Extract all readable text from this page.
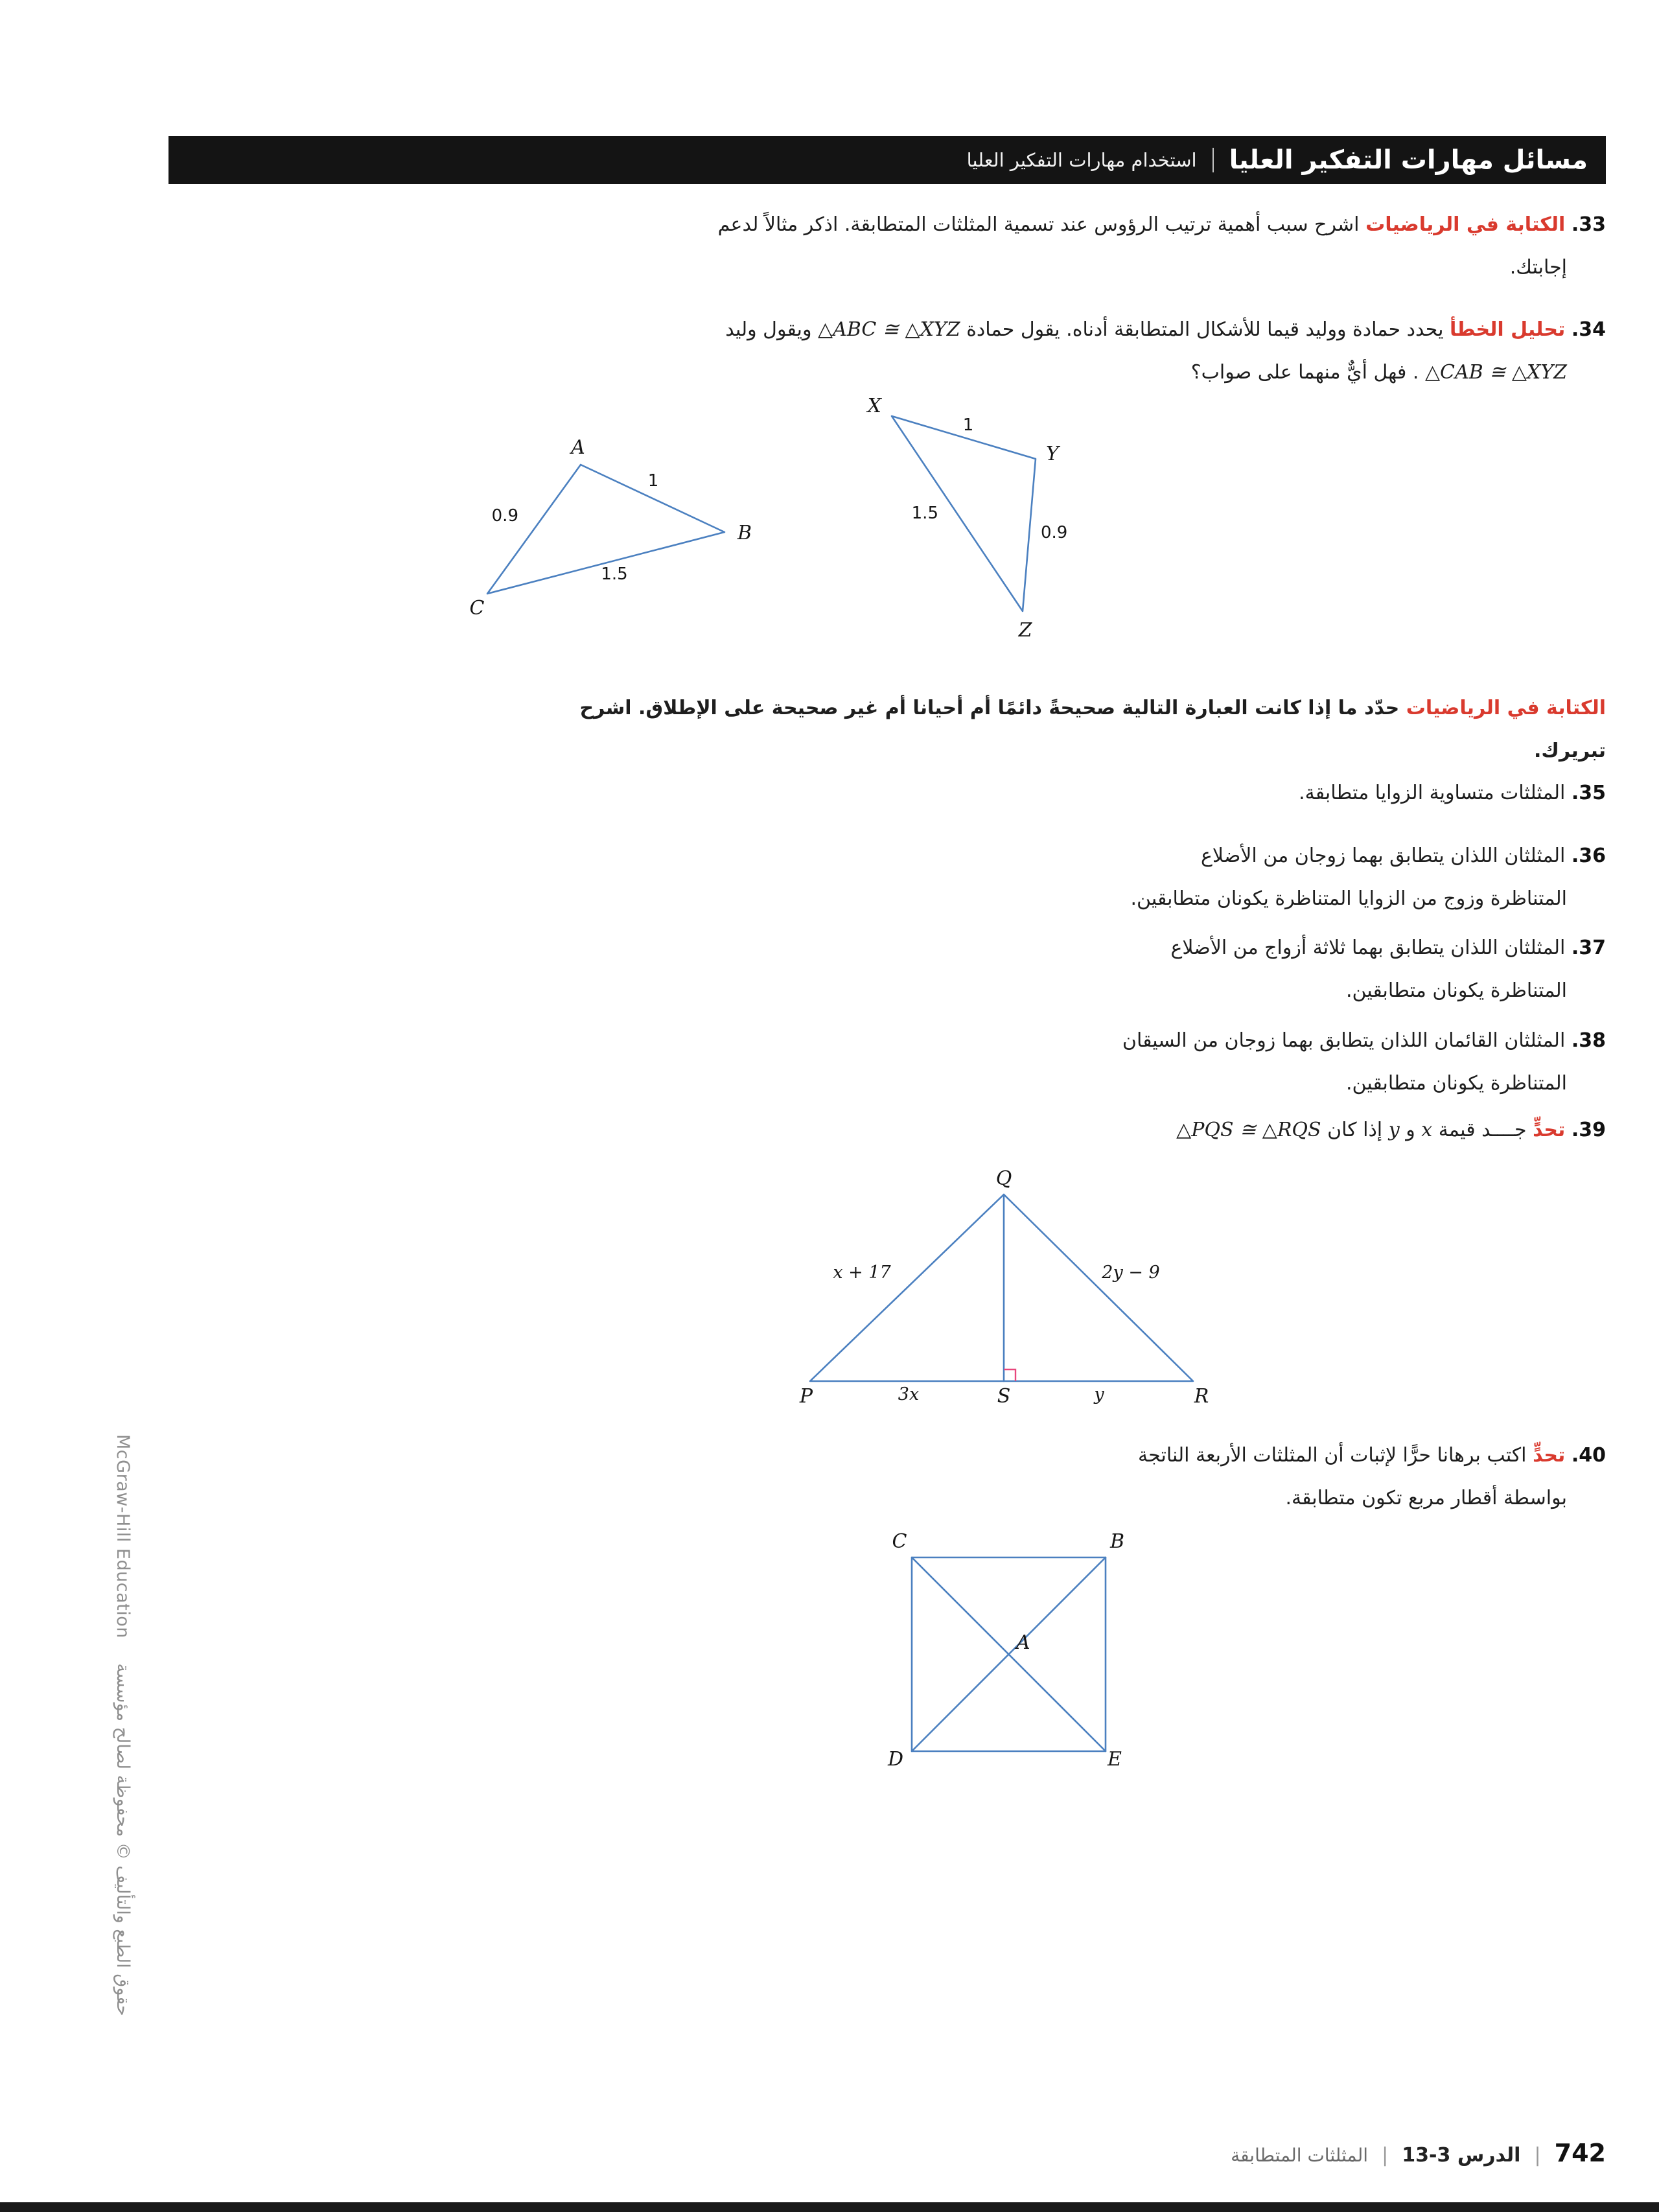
مسائل مهارات التفكير العليا
استخدام مهارات التفكير العليا
33. الكتابة في الرياضيات اشرح سبب أهمية ترتيب الرؤوس عند تسمية المثلثات المتطابقة. اذكر مثالاً لدعم
إجابتك.
34. تحليل الخطأ يحدد حمادة ووليد قيما للأشكال المتطابقة أدناه. يقول حمادة △ABC ≅ △XYZ ويقول وليد
△CAB ≅ △XYZ . فهل أيٌّ منهما على صواب؟
A
B
C
1
0.9
1.5
X
Y
Z
1
1.5
0.9
الكتابة في الرياضيات حدّد ما إذا كانت العبارة التالية صحيحةً دائمًا أم أحيانا أم غير صحيحة على الإطلاق. اشرح
تبريرك.
35. المثلثات متساوية الزوايا متطابقة.
36. المثلثان اللذان يتطابق بهما زوجان من الأضلاع
المتناظرة وزوج من الزوايا المتناظرة يكونان متطابقين.
37. المثلثان اللذان يتطابق بهما ثلاثة أزواج من الأضلاع
المتناظرة يكونان متطابقين.
38. المثلثان القائمان اللذان يتطابق بهما زوجان من السيقان
المتناظرة يكونان متطابقين.
39. تحدٍّ جــــد قيمة x و y إذا كان △PQS ≅ △RQS
Q
P	S	R
x + 17	2y − 9
3x	y
40. تحدٍّ اكتب برهانا حرًّا لإثبات أن المثلثات الأربعة الناتجة
بواسطة أقطار مربع تكون متطابقة.
C	B
D	E
A
حقوق الطبع والتأليف © محفوظة لصالح مؤسسة McGraw-Hill Education
742 | الدرس 3-13 | المثلثات المتطابقة
